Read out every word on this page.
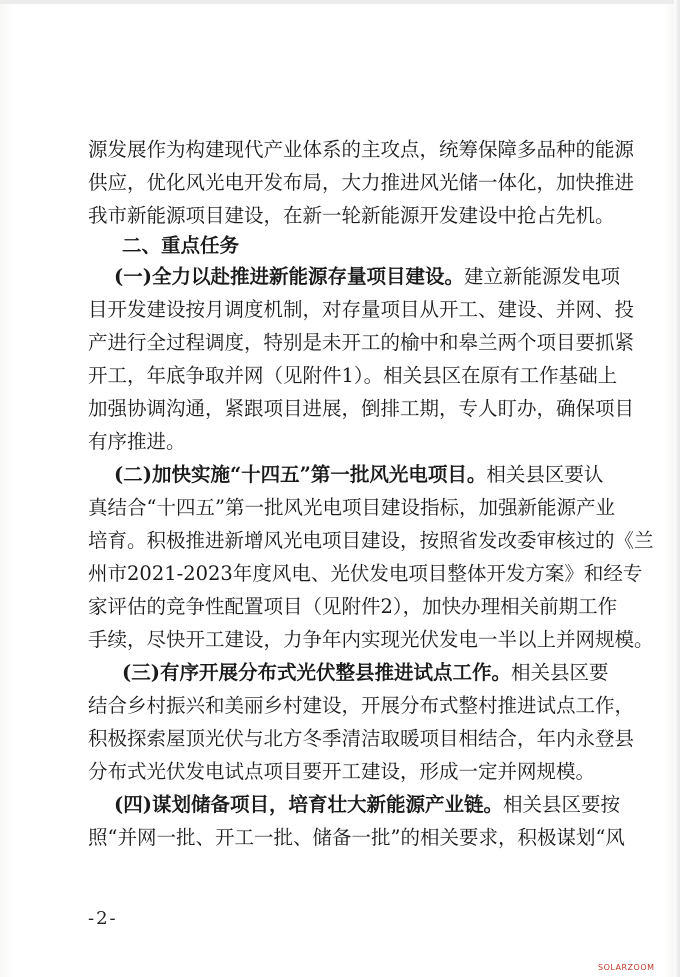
源发展作为构建现代产业体系的主攻点，统筹保障多品种的能源
供应，优化风光电开发布局，大力推进风光储一体化，加快推进
我市新能源项目建设，在新一轮新能源开发建设中抢占先机。
二、重点任务
(一)全力以赴推进新能源存量项目建设。建立新能源发电项
目开发建设按月调度机制，对存量项目从开工、建设、并网、投
产进行全过程调度，特别是未开工的榆中和皋兰两个项目要抓紧
开工，年底争取并网（见附件1）。相关县区在原有工作基础上
加强协调沟通，紧跟项目进展，倒排工期，专人盯办，确保项目
有序推进。
(二)加快实施“十四五”第一批风光电项目。相关县区要认
真结合“十四五”第一批风光电项目建设指标，加强新能源产业
培育。积极推进新增风光电项目建设，按照省发改委审核过的《兰
州市2021-2023年度风电、光伏发电项目整体开发方案》和经专
家评估的竞争性配置项目（见附件2），加快办理相关前期工作
手续，尽快开工建设，力争年内实现光伏发电一半以上并网规模。
(三)有序开展分布式光伏整县推进试点工作。相关县区要
结合乡村振兴和美丽乡村建设，开展分布式整村推进试点工作，
积极探索屋顶光伏与北方冬季清洁取暖项目相结合，年内永登县
分布式光伏发电试点项目要开工建设，形成一定并网规模。
(四)谋划储备项目，培育壮大新能源产业链。相关县区要按
照“并网一批、开工一批、储备一批”的相关要求，积极谋划“风
-2-
SOLARZOOM
